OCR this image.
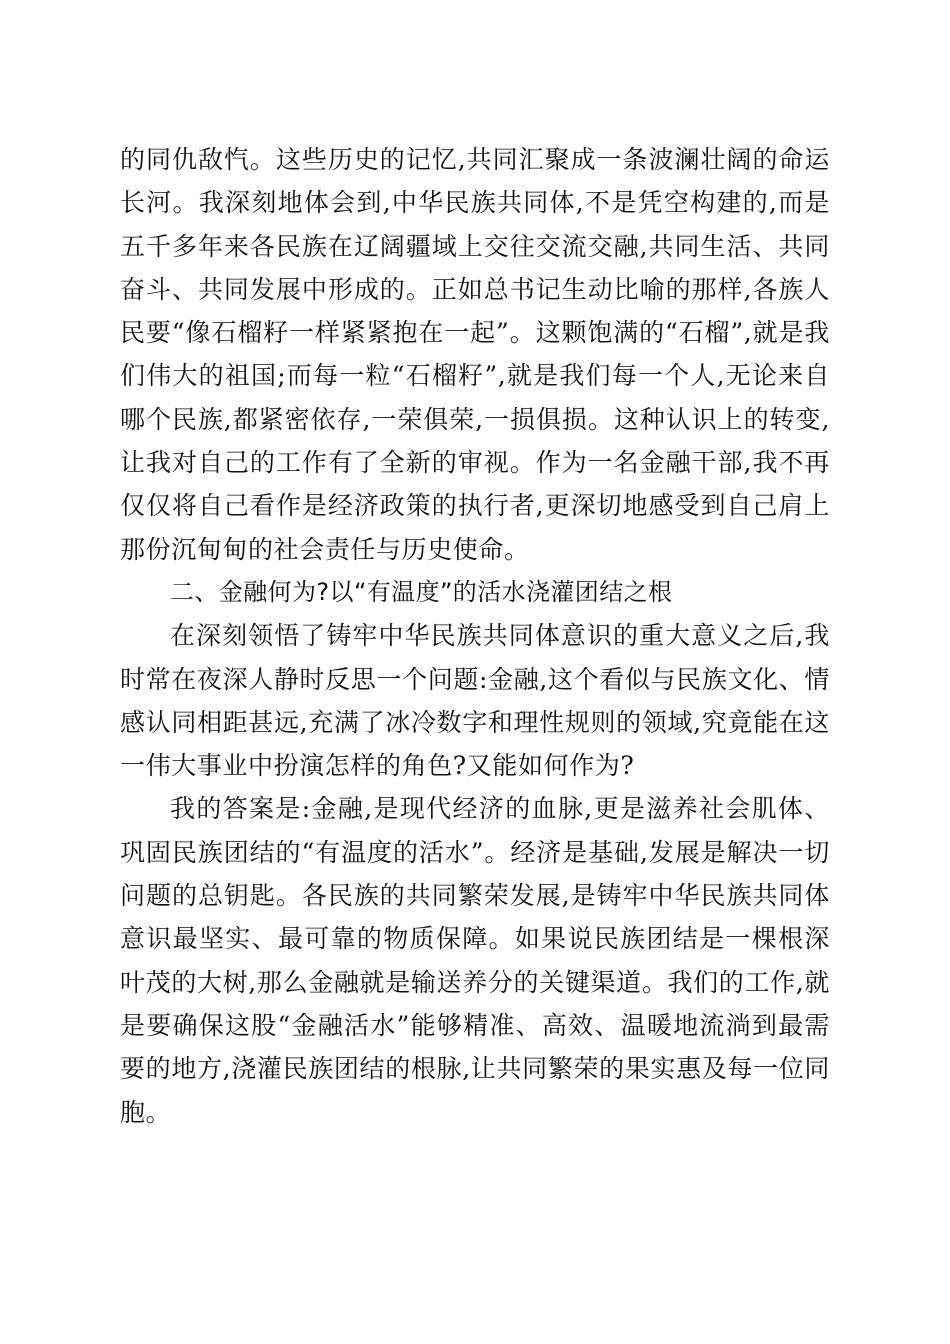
的同仇敌忾。这些历史的记忆,共同汇聚成一条波澜壮阔的命运长河。我深刻地体会到,中华民族共同体,不是凭空构建的,而是五千多年来各民族在辽阔疆域上交往交流交融,共同生活、共同奋斗、共同发展中形成的。正如总书记生动比喻的那样,各族人民要“像石榴籽一样紧紧抱在一起”。这颗饱满的“石榴”,就是我们伟大的祖国;而每一粒“石榴籽”,就是我们每一个人,无论来自哪个民族,都紧密依存,一荣俱荣,一损俱损。这种认识上的转变,让我对自己的工作有了全新的审视。作为一名金融干部,我不再仅仅将自己看作是经济政策的执行者,更深切地感受到自己肩上那份沉甸甸的社会责任与历史使命。

二、金融何为?以“有温度”的活水浇灌团结之根

在深刻领悟了铸牢中华民族共同体意识的重大意义之后,我时常在夜深人静时反思一个问题:金融,这个看似与民族文化、情感认同相距甚远,充满了冰冷数字和理性规则的领域,究竟能在这一伟大事业中扮演怎样的角色?又能如何作为?

我的答案是:金融,是现代经济的血脉,更是滋养社会肌体、巩固民族团结的“有温度的活水”。经济是基础,发展是解决一切问题的总钥匙。各民族的共同繁荣发展,是铸牢中华民族共同体意识最坚实、最可靠的物质保障。如果说民族团结是一棵根深叶茂的大树,那么金融就是输送养分的关键渠道。我们的工作,就是要确保这股“金融活水”能够精准、高效、温暖地流淌到最需要的地方,浇灌民族团结的根脉,让共同繁荣的果实惠及每一位同胞。
